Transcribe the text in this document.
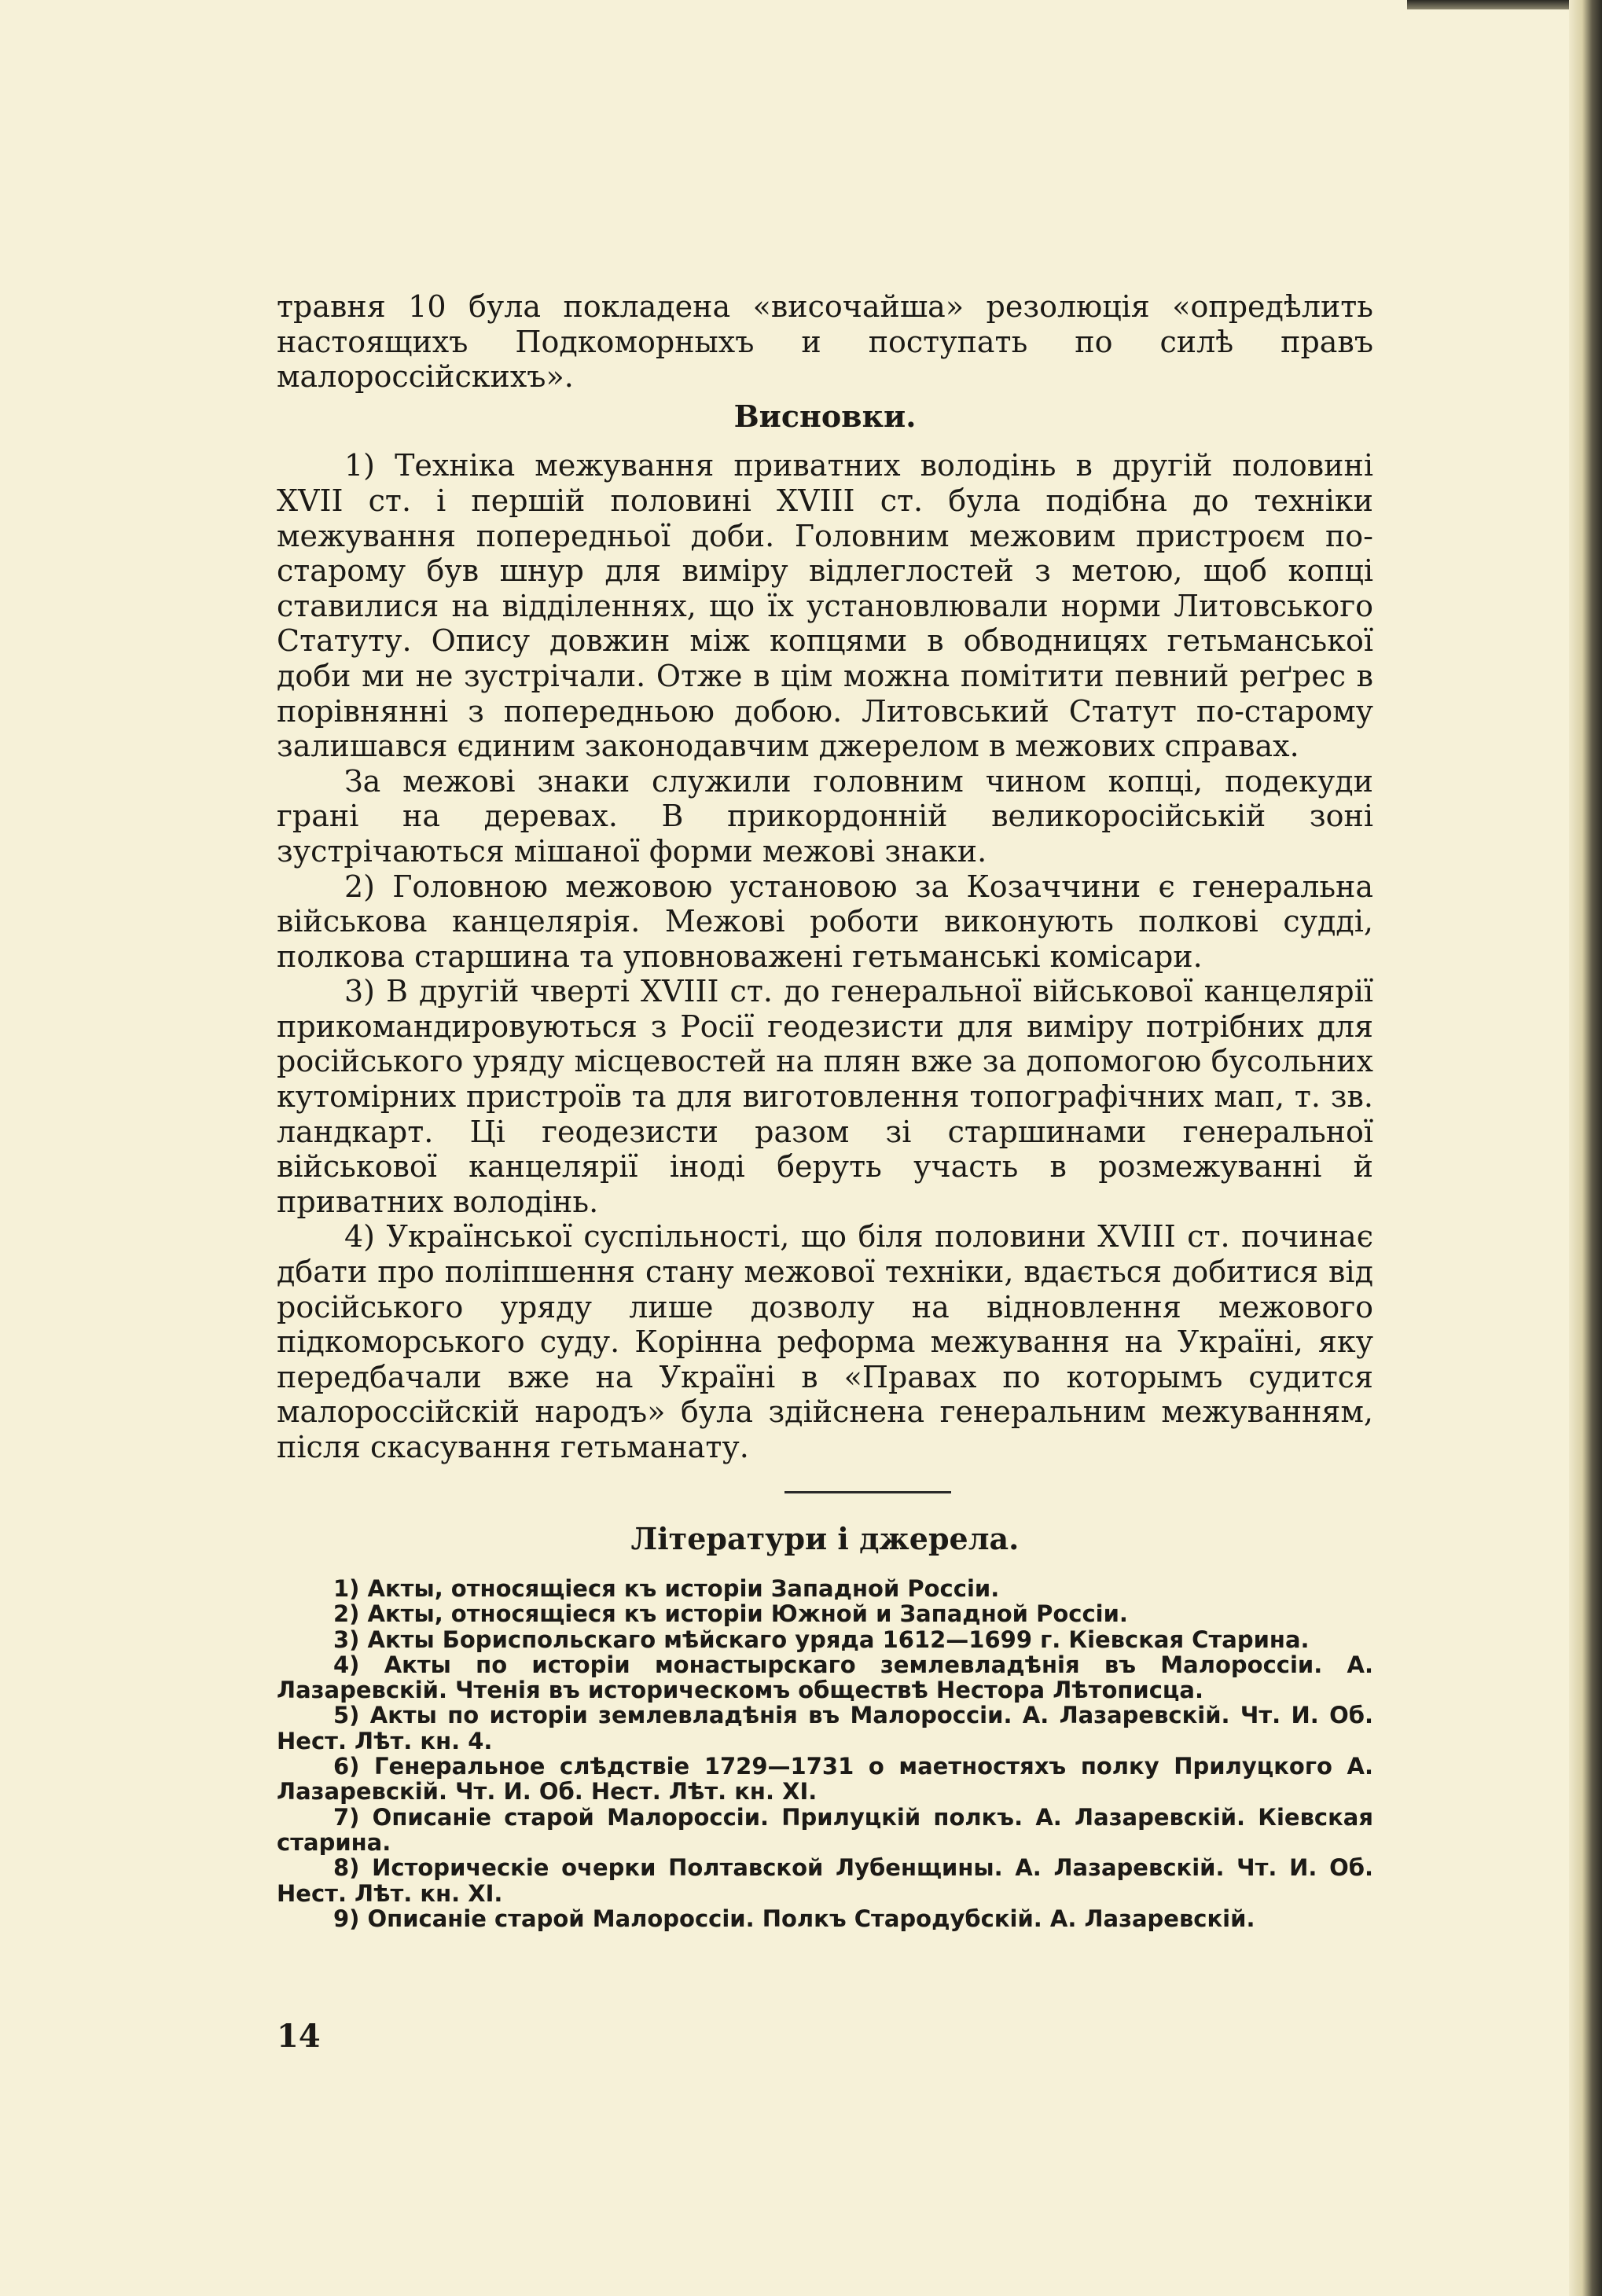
травня 10 була покладена «височайша» резолюція «опредѣлить настоящихъ Подкоморныхъ и поступать по силѣ правъ малороссійскихъ».

Висновки.

1) Техніка межування приватних володінь в другій половині XVII ст. і першій половині XVIII ст. була подібна до техніки межування попередньої доби. Головним межовим пристроєм по-старому був шнур для виміру відлеглостей з метою, щоб копці ставилися на відділеннях, що їх установлювали норми Литовського Статуту. Опису довжин між копцями в обводницях гетьманської доби ми не зустрічали. Отже в цім можна помітити певний реґрес в порівнянні з попередньою добою. Литовський Статут по-старому залишався єдиним законодавчим джерелом в межових справах.

За межові знаки служили головним чином копці, подекуди грані на деревах. В прикордонній великоросійській зоні зустрічаються мішаної форми межові знаки.

2) Головною межовою установою за Козаччини є генеральна військова канцелярія. Межові роботи виконують полкові судді, полкова старшина та уповноважені гетьманські комісари.

3) В другій чверті XVIII ст. до генеральної військової канцелярії прикомандировуються з Росії геодезисти для виміру потрібних для російського уряду місцевостей на плян вже за допомогою бусольних кутомірних пристроїв та для виготовлення топографічних мап, т. зв. ландкарт. Ці геодезисти разом зі старшинами генеральної військової канцелярії іноді беруть участь в розмежуванні й приватних володінь.

4) Української суспільності, що біля половини XVIII ст. починає дбати про поліпшення стану межової техніки, вдається добитися від російського уряду лише дозволу на відновлення межового підкоморського суду. Корінна реформа межування на Україні, яку передбачали вже на Україні в «Правах по которымъ судится малороссійскій народъ» була здійснена генеральним межуванням, після скасування гетьманату.

Літератури і джерела.

1) Акты, относящіеся къ исторіи Западной Россіи.

2) Акты, относящіеся къ исторіи Южной и Западной Россіи.

3) Акты Бориспольскаго мѣйскаго уряда 1612—1699 г. Кіевская Старина.

4) Акты по исторіи монастырскаго землевладѣнія въ Малороссіи. А. Лазаревскій. Чтенія въ историческомъ обществѣ Нестора Лѣтописца.

5) Акты по исторіи землевладѣнія въ Малороссіи. А. Лазаревскій. Чт. И. Об. Нест. Лѣт. кн. 4.

6) Генеральное слѣдствіе 1729—1731 о маетностяхъ полку Прилуцкого А. Лазаревскій. Чт. И. Об. Нест. Лѣт. кн. XI.

7) Описаніе старой Малороссіи. Прилуцкій полкъ. А. Лазаревскій. Кіевская старина.

8) Историческіе очерки Полтавской Лубенщины. А. Лазаревскій. Чт. И. Об. Нест. Лѣт. кн. XI.

9) Описаніе старой Малороссіи. Полкъ Стародубскій. А. Лазаревскій.

14
